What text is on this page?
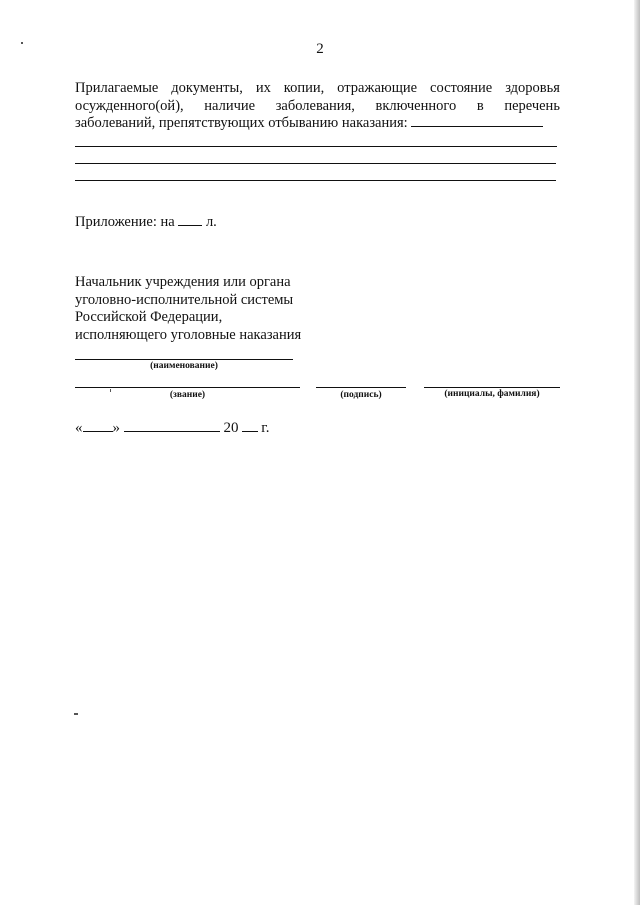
2
Прилагаемые документы, их копии, отражающие состояние здоровья
осужденного(ой), наличие заболевания, включенного в перечень
заболеваний, препятствующих отбыванию наказания:
Приложение: на л.
Начальник учреждения или органа
уголовно-исполнительной системы
Российской Федерации,
исполняющего уголовные наказания
(наименование)
(звание)	(подпись)	(инициалы, фамилия)
« »	20 г.
